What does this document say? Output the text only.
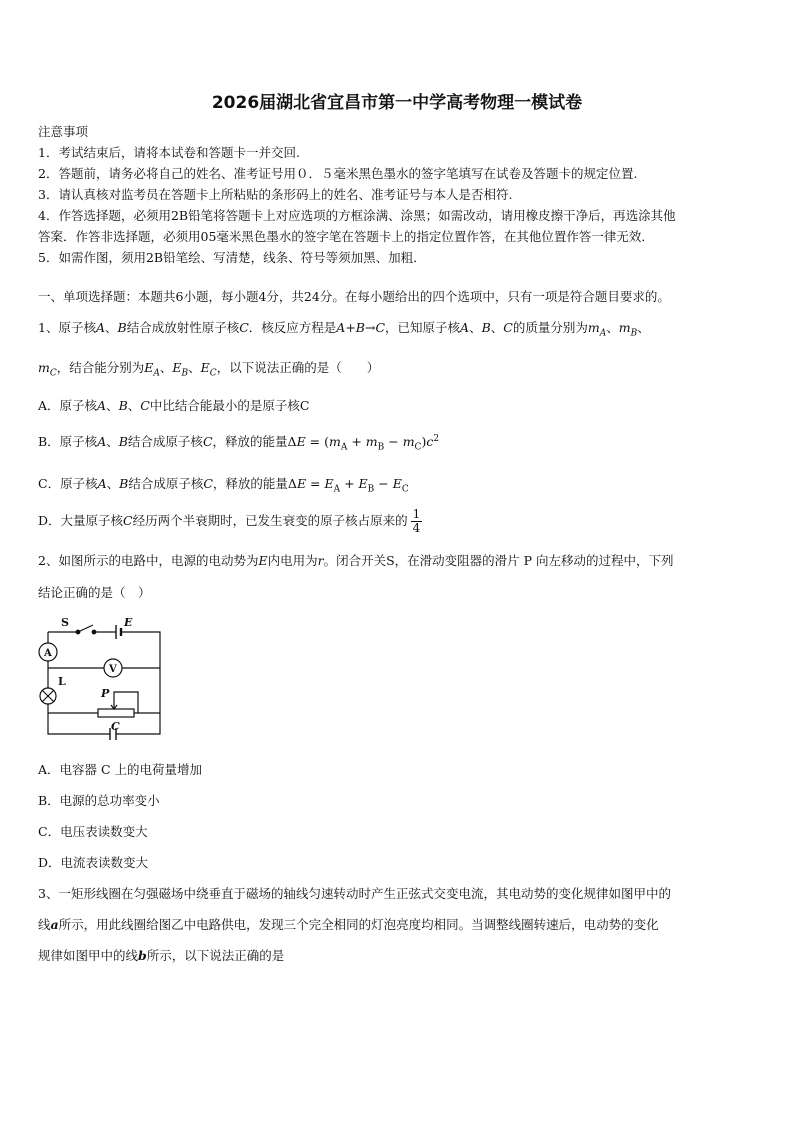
2026届湖北省宜昌市第一中学高考物理一模试卷
注意事项
1．考试结束后，请将本试卷和答题卡一并交回.
2．答题前，请务必将自己的姓名、准考证号用０．５毫米黑色墨水的签字笔填写在试卷及答题卡的规定位置.
3．请认真核对监考员在答题卡上所粘贴的条形码上的姓名、准考证号与本人是否相符.
4．作答选择题，必须用2B铅笔将答题卡上对应选项的方框涂满、涂黑；如需改动，请用橡皮擦干净后，再选涂其他
答案．作答非选择题，必须用05毫米黑色墨水的签字笔在答题卡上的指定位置作答，在其他位置作答一律无效．
5．如需作图，须用2B铅笔绘、写清楚，线条、符号等须加黑、加粗．
一、单项选择题：本题共6小题，每小题4分，共24分。在每小题给出的四个选项中，只有一项是符合题目要求的。
1、原子核A、B结合成放射性原子核C．核反应方程是A+B→C，已知原子核A、B、C的质量分别为$m_A$、$m_B$、
$m_C$，结合能分别为$E_A$、$E_B$、$E_C$，以下说法正确的是（　　）
A．原子核A、B、C中比结合能最小的是原子核C
B．原子核A、B结合成原子核C，释放的能量$\Delta E = (m_A + m_B - m_C)c^2$
C．原子核A、B结合成原子核C，释放的能量$\Delta E = E_A + E_B - E_C$
D．大量原子核C经历两个半衰期时，已发生衰变的原子核占原来的 $\frac{1}{4}$
2、如图所示的电路中，电源的电动势为E内电用为r。闭合开关S，在滑动变阻器的滑片 P 向左移动的过程中，下列
结论正确的是（　）
S	E
A
V
L
P
C
A．电容器 C 上的电荷量增加
B．电源的总功率变小
C．电压表读数变大
D．电流表读数变大
3、一矩形线圈在匀强磁场中绕垂直于磁场的轴线匀速转动时产生正弦式交变电流，其电动势的变化规律如图甲中的
线a所示，用此线圈给图乙中电路供电，发现三个完全相同的灯泡亮度均相同。当调整线圈转速后，电动势的变化
规律如图甲中的线b所示，以下说法正确的是
